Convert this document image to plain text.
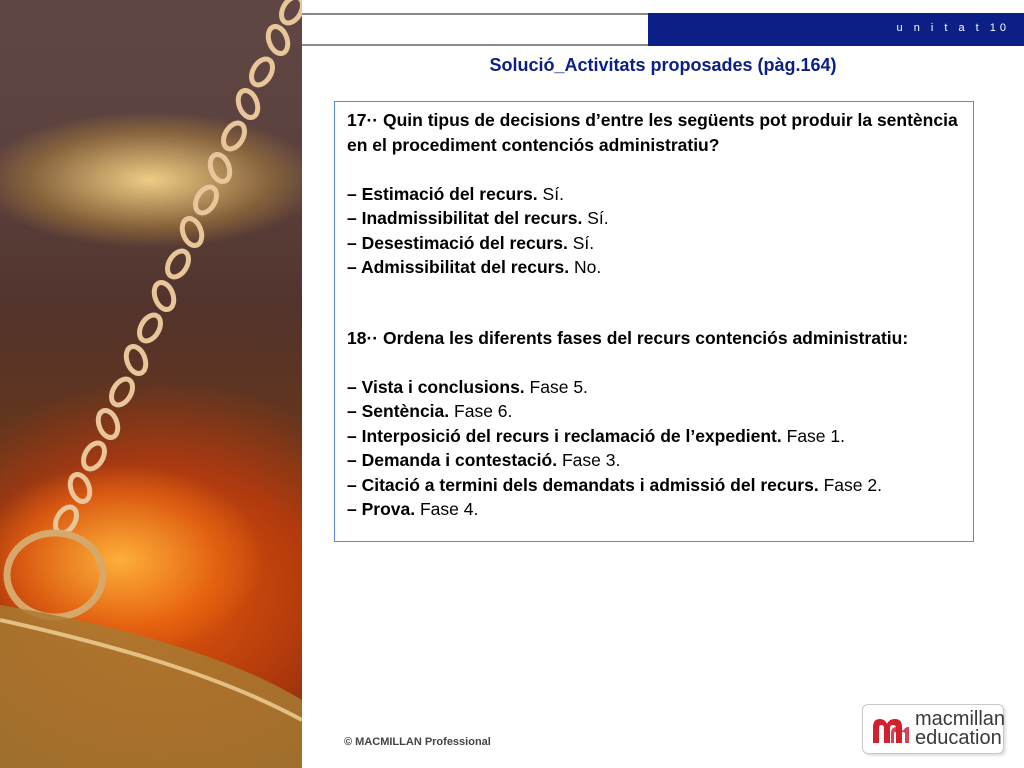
u n i t a t 10
Solució_Activitats proposades (pàg.164)
17·· Quin tipus de decisions d’entre les següents pot produir la sentència en el procediment contenciós administratiu?
– Estimació del recurs. Sí.
– Inadmissibilitat del recurs. Sí.
– Desestimació del recurs. Sí.
– Admissibilitat del recurs. No.
18·· Ordena les diferents fases del recurs contenciós administratiu:
– Vista i conclusions. Fase 5.
– Sentència. Fase 6.
– Interposició del recurs i reclamació de l’expedient. Fase 1.
– Demanda i contestació. Fase 3.
– Citació a termini dels demandats i admissió del recurs. Fase 2.
– Prova. Fase 4.
© MACMILLAN Professional
macmillan
education
